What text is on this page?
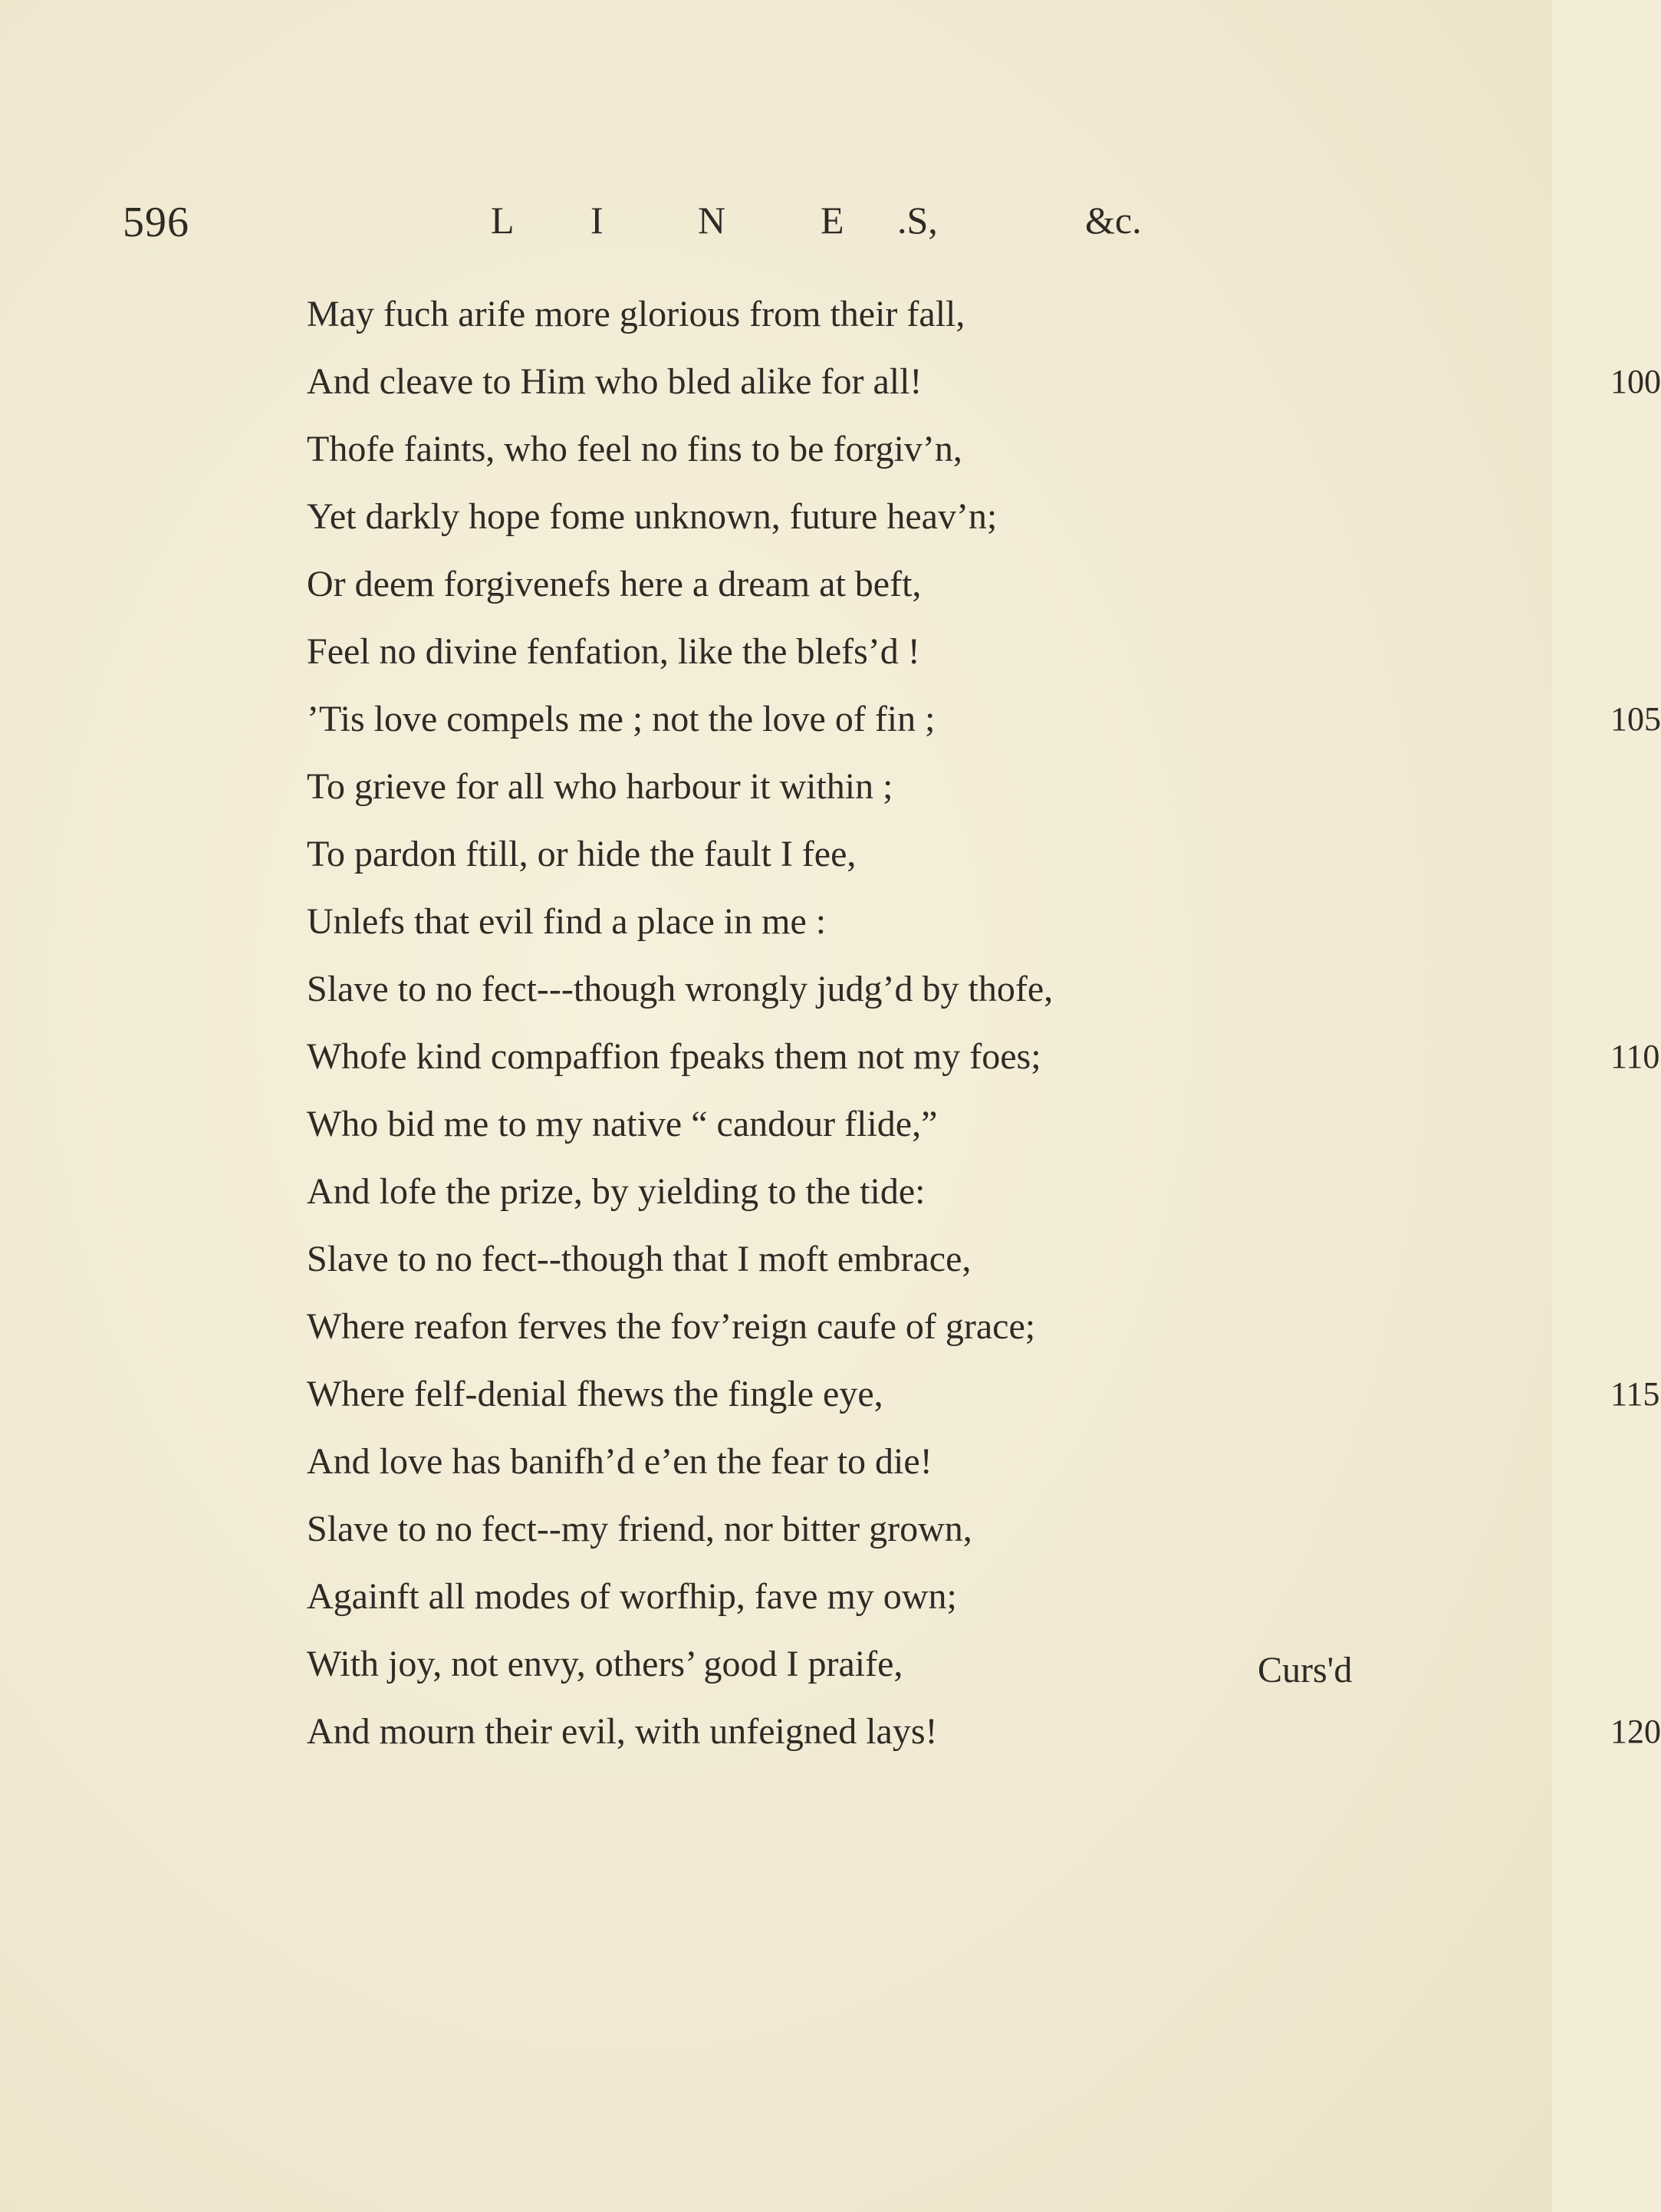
596	L I N E .S,	&c.
May fuch arife more glorious from their fall,
And cleave to Him who bled alike for all!	100
Thofe faints, who feel no fins to be forgiv’n,
Yet darkly hope fome unknown, future heav’n;
Or deem forgivenefs here a dream at beft,
Feel no divine fenfation, like the blefs’d !
’Tis love compels me ; not the love of fin ;	105
To grieve for all who harbour it within ;
To pardon ftill, or hide the fault I fee,
Unlefs that evil find a place in me :
Slave to no fect---though wrongly judg’d by thofe,
Whofe kind compaffion fpeaks them not my foes;	110
Who bid me to my native “ candour flide,”
And lofe the prize, by yielding to the tide:
Slave to no fect--though that I moft embrace,
Where reafon ferves the fov’reign caufe of grace;
Where felf-denial fhews the fingle eye,	115
And love has banifh’d e’en the fear to die!
Slave to no fect--my friend, nor bitter grown,
Againft all modes of worfhip, fave my own;
With joy, not envy, others’ good I praife,
And mourn their evil, with unfeigned lays!	120
Curs'd
